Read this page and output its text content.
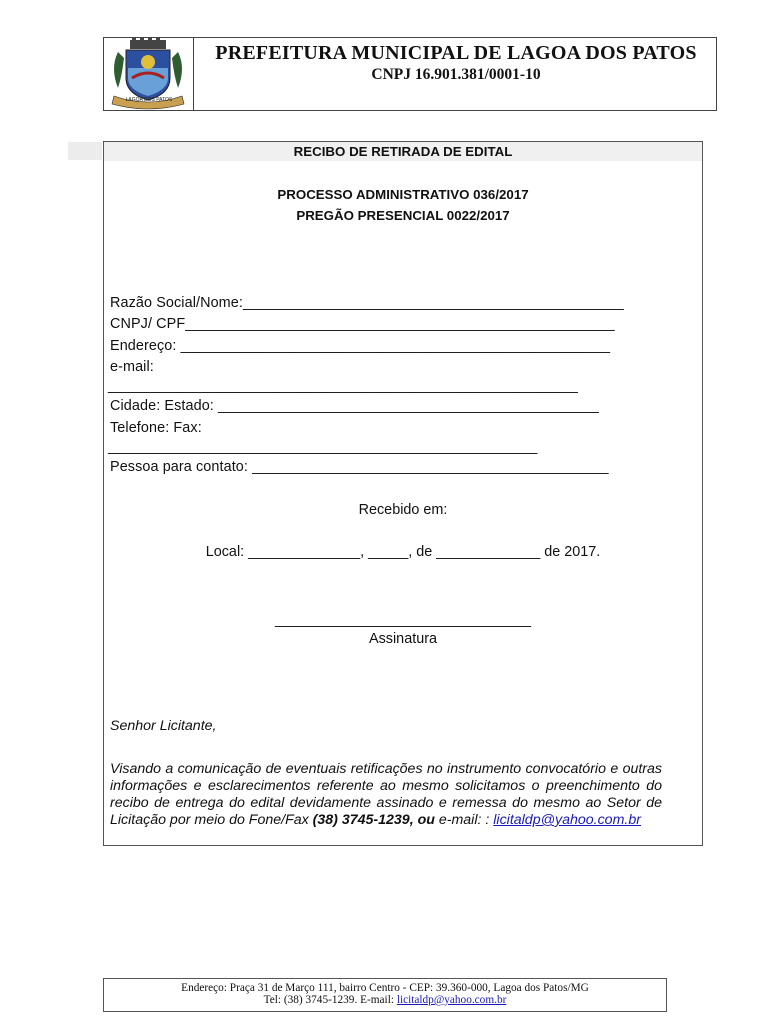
LAGOA DOS PATOS
PREFEITURA MUNICIPAL DE LAGOA DOS PATOS
CNPJ 16.901.381/0001-10
RECIBO DE RETIRADA DE EDITAL
PROCESSO ADMINISTRATIVO 036/2017
PREGÃO PRESENCIAL 0022/2017
Razão Social/Nome:_______________________________________________
CNPJ/ CPF_____________________________________________________
Endereço: _____________________________________________________
e-mail:
__________________________________________________________
Cidade: Estado: _______________________________________________
Telefone: Fax:
_____________________________________________________
Pessoa para contato: ____________________________________________
Recebido em:
Local: ______________, _____, de _____________ de 2017.
________________________________
Assinatura
Senhor Licitante,
Visando a comunicação de eventuais retificações no instrumento convocatório e outras informações e esclarecimentos referente ao mesmo solicitamos o preenchimento do recibo de entrega do edital devidamente assinado e remessa do mesmo ao Setor de Licitação por meio do Fone/Fax (38) 3745-1239, ou e-mail: : licitaldp@yahoo.com.br
Endereço: Praça 31 de Março 111, bairro Centro - CEP: 39.360-000, Lagoa dos Patos/MG
Tel: (38) 3745-1239. E-mail: licitaldp@yahoo.com.br
